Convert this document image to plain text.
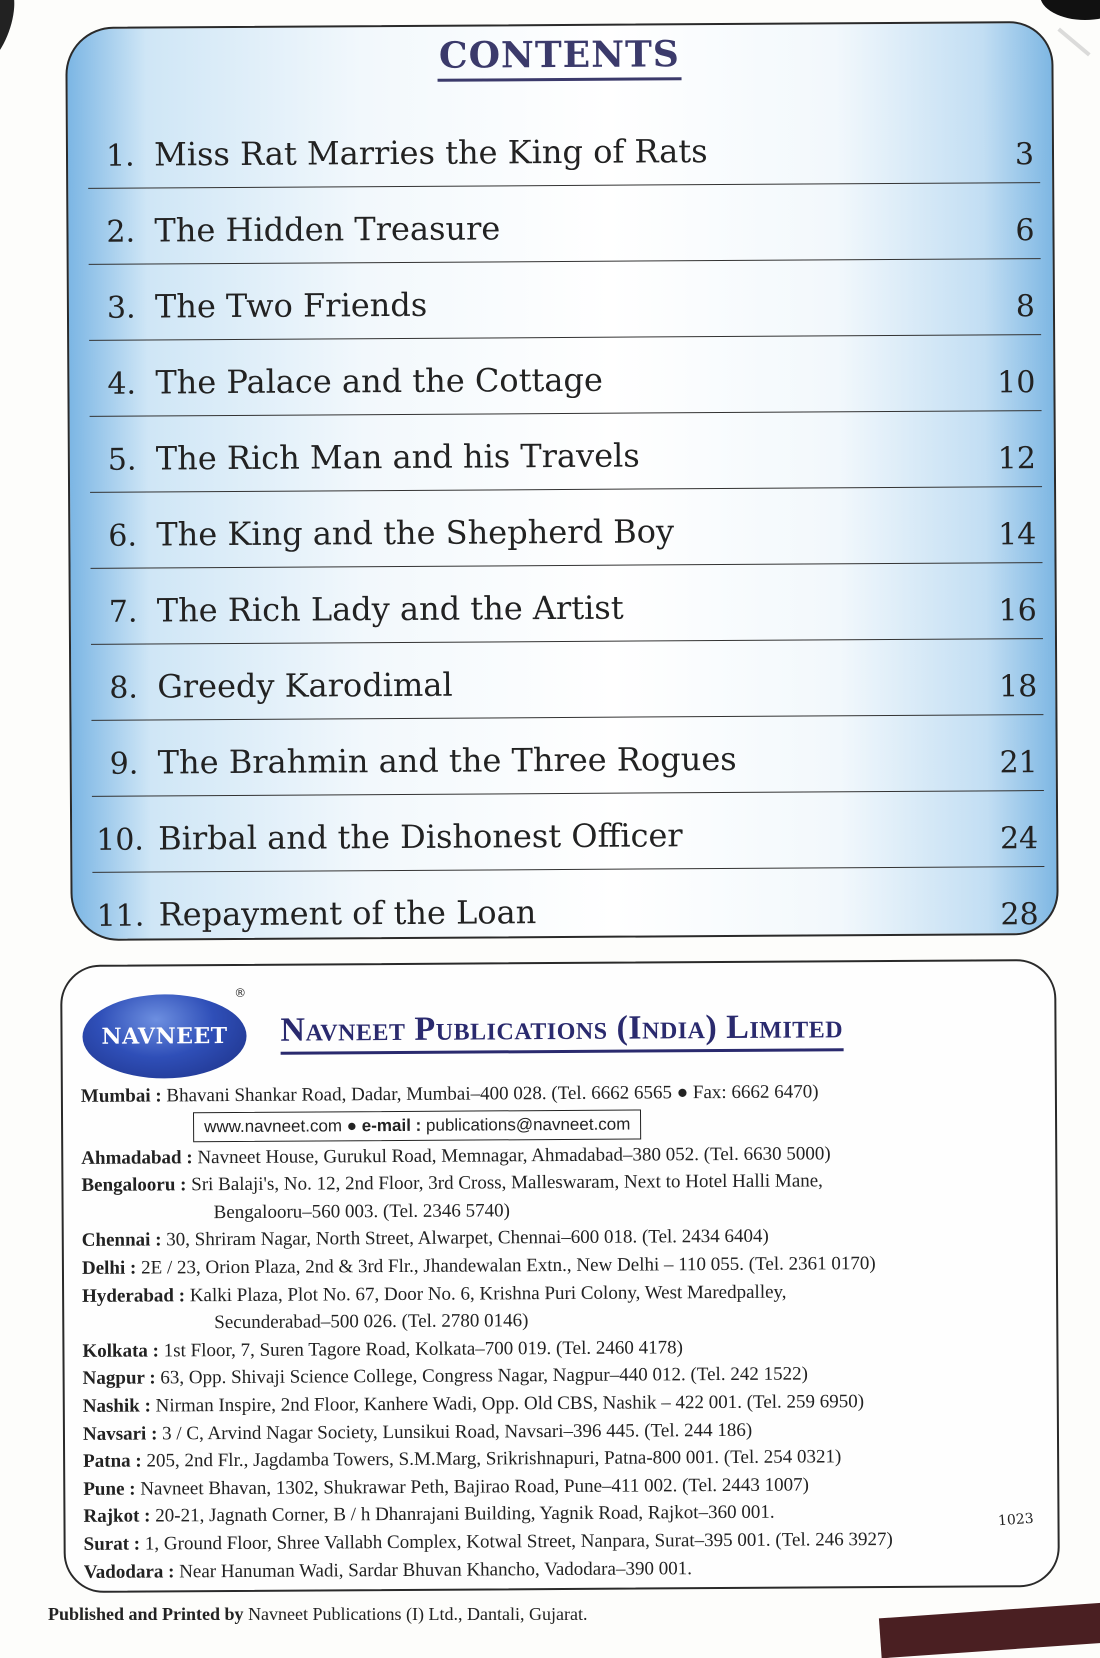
CONTENTS
1. Miss Rat Marries the King of Rats	3
2. The Hidden Treasure	6
3. The Two Friends	8
4. The Palace and the Cottage	10
5. The Rich Man and his Travels	12
6. The King and the Shepherd Boy	14
7. The Rich Lady and the Artist	16
8. Greedy Karodimal	18
9. The Brahmin and the Three Rogues	21
10. Birbal and the Dishonest Officer	24
11. Repayment of the Loan	28
NAVNEET
®
Navneet Publications (India) Limited
Mumbai : Bhavani Shankar Road, Dadar, Mumbai–400 028. (Tel. 6662 6565 ● Fax: 6662 6470)
www.navneet.com ● e-mail : publications@navneet.com
Ahmadabad : Navneet House, Gurukul Road, Memnagar, Ahmadabad–380 052. (Tel. 6630 5000)
Bengalooru : Sri Balaji's, No. 12, 2nd Floor, 3rd Cross, Malleswaram, Next to Hotel Halli Mane,
Bengalooru–560 003. (Tel. 2346 5740)
Chennai : 30, Shriram Nagar, North Street, Alwarpet, Chennai–600 018. (Tel. 2434 6404)
Delhi : 2E / 23, Orion Plaza, 2nd & 3rd Flr., Jhandewalan Extn., New Delhi – 110 055. (Tel. 2361 0170)
Hyderabad : Kalki Plaza, Plot No. 67, Door No. 6, Krishna Puri Colony, West Maredpalley,
Secunderabad–500 026. (Tel. 2780 0146)
Kolkata : 1st Floor, 7, Suren Tagore Road, Kolkata–700 019. (Tel. 2460 4178)
Nagpur : 63, Opp. Shivaji Science College, Congress Nagar, Nagpur–440 012. (Tel. 242 1522)
Nashik : Nirman Inspire, 2nd Floor, Kanhere Wadi, Opp. Old CBS, Nashik – 422 001. (Tel. 259 6950)
Navsari : 3 / C, Arvind Nagar Society, Lunsikui Road, Navsari–396 445. (Tel. 244 186)
Patna : 205, 2nd Flr., Jagdamba Towers, S.M.Marg, Srikrishnapuri, Patna-800 001. (Tel. 254 0321)
Pune : Navneet Bhavan, 1302, Shukrawar Peth, Bajirao Road, Pune–411 002. (Tel. 2443 1007)
Rajkot : 20-21, Jagnath Corner, B / h Dhanrajani Building, Yagnik Road, Rajkot–360 001.
Surat : 1, Ground Floor, Shree Vallabh Complex, Kotwal Street, Nanpara, Surat–395 001. (Tel. 246 3927)
Vadodara : Near Hanuman Wadi, Sardar Bhuvan Khancho, Vadodara–390 001.
1023
Published and Printed by Navneet Publications (I) Ltd., Dantali, Gujarat.
